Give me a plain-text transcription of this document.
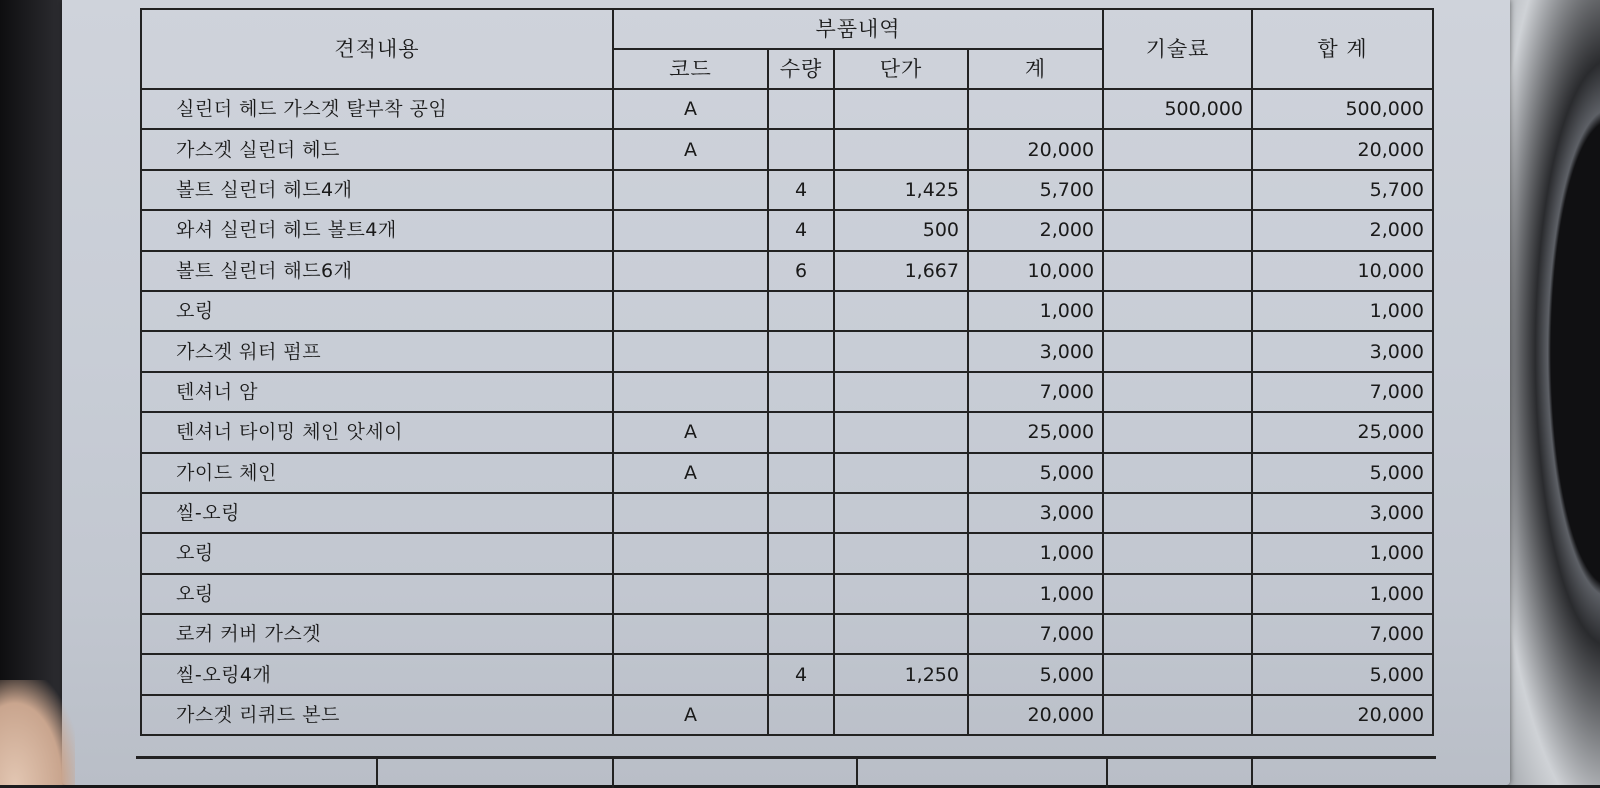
견적내용	부품내역				기술료	합 계
	코드	수량	단가	계		
실린더 헤드 가스겟 탈부착 공임	A				500,000	500,000
가스겟 실린더 헤드	A			20,000		20,000
볼트 실린더 헤드4개		4	1,425	5,700		5,700
와셔 실린더 헤드 볼트4개		4	500	2,000		2,000
볼트 실린더 해드6개		6	1,667	10,000		10,000
오링				1,000		1,000
가스겟 워터 펌프				3,000		3,000
텐셔너 암				7,000		7,000
텐셔너 타이밍 체인 앗세이	A			25,000		25,000
가이드 체인	A			5,000		5,000
씰-오링				3,000		3,000
오링				1,000		1,000
오링				1,000		1,000
로커 커버 가스겟				7,000		7,000
씰-오링4개		4	1,250	5,000		5,000
가스겟 리퀴드 본드	A			20,000		20,000
